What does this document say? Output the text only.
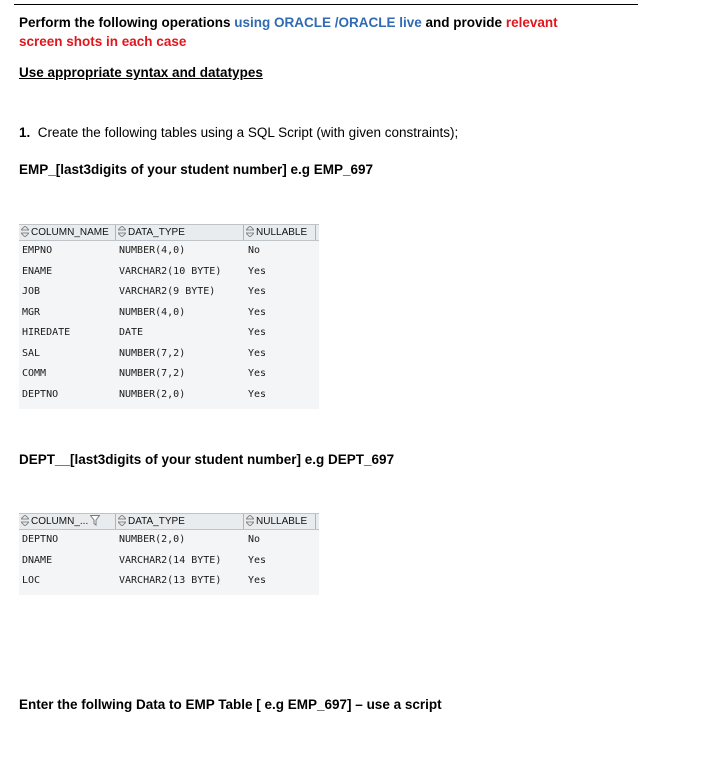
Perform the following operations using ORACLE /ORACLE live and provide relevant
screen shots in each case
Use appropriate syntax and datatypes
1. Create the following tables using a SQL Script (with given constraints);
EMP_[last3digits of your student number] e.g EMP_697
COLUMN_NAME	DATA_TYPE	NULLABLE
EMPNO	NUMBER(4,0)	No
ENAME	VARCHAR2(10 BYTE)	Yes
JOB	VARCHAR2(9 BYTE)	Yes
MGR	NUMBER(4,0)	Yes
HIREDATE	DATE	Yes
SAL	NUMBER(7,2)	Yes
COMM	NUMBER(7,2)	Yes
DEPTNO	NUMBER(2,0)	Yes
DEPT__[last3digits of your student number] e.g DEPT_697
COLUMN_...	DATA_TYPE	NULLABLE
DEPTNO	NUMBER(2,0)	No
DNAME	VARCHAR2(14 BYTE)	Yes
LOC	VARCHAR2(13 BYTE)	Yes
Enter the follwing Data to EMP Table [ e.g EMP_697] – use a script
